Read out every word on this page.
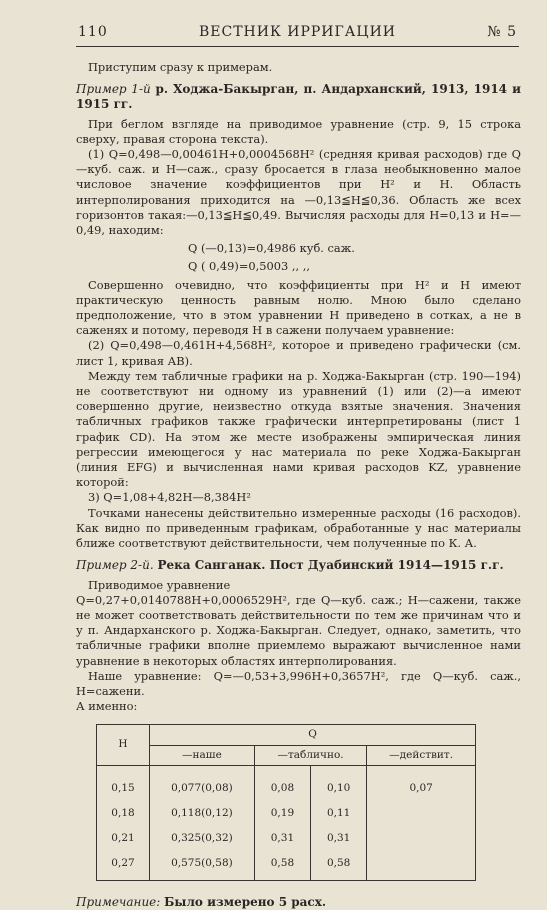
110	ВЕСТНИК ИРРИГАЦИИ	№ 5

Приступим сразу к примерам.

Пример 1-й р. Ходжа-Бакырган, п. Андарханский, 1913, 1914 и 1915 гг.

При беглом взгляде на приводимое уравнение (стр. 9, 15 строка сверху, правая сторона текста).

(1) Q=0,498—0,00461Н+0,0004568Н² (средняя кривая расходов) где Q—куб. саж. и Н—саж., сразу бросается в глаза необыкновенно малое числовое значение коэффициентов при Н² и Н. Область интерполирования приходится на —0,13≦Н≦0,36. Область же всех горизонтов такая:—0,13≦Н≦0,49. Вычисляя расходы для Н=0,13 и Н=—0,49, находим:

Q (—0,13)=0,4986 куб. саж.

Q ( 0,49)=0,5003 ,, ,,

Совершенно очевидно, что коэффициенты при Н² и Н имеют практическую ценность равным нолю. Мною было сделано предположение, что в этом уравнении Н приведено в сотках, а не в саженях и потому, переводя Н в сажени получаем уравнение:

(2) Q=0,498—0,461Н+4,568Н², которое и приведено графически (см. лист 1, кривая АВ).

Между тем табличные графики на р. Ходжа-Бакырган (стр. 190—194) не соответствуют ни одному из уравнений (1) или (2)—а имеют совершенно другие, неизвестно откуда взятые значения. Значения табличных графиков также графически интерпретированы (лист 1 график CD). На этом же месте изображены эмпирическая линия регрессии имеющегося у нас материала по реке Ходжа-Бакырган (линия EFG) и вычисленная нами кривая расходов KZ, уравнение которой:

3) Q=1,08+4,82Н—8,384Н²

Точками нанесены действительно измеренные расходы (16 расходов). Как видно по приведенным графикам, обработанные у нас материалы ближе соответствуют действительности, чем полученные по К. А.

Пример 2-й. Река Санганак. Пост Дуабинский 1914—1915 г.г.

Приводимое уравнение

Q=0,27+0,0140788Н+0,0006529Н², где Q—куб. саж.; Н—сажени, также не может соответствовать действительности по тем же причинам что и у п. Андарханского р. Ходжа-Бакырган. Следует, однако, заметить, что табличные графики вполне приемлемо выражают вычисленное нами уравнение в некоторых областях интерполирования.

Наше уравнение: Q=—0,53+3,996Н+0,3657Н², где Q—куб. саж., Н=сажени.

А именно:

Н	Q			
	—наше	—таблично.		—действит.
0,15	0,077(0,08)	0,08	0,10	0,07
0,18	0,118(0,12)	0,19	0,11	
0,21	0,325(0,32)	0,31	0,31	
0,27	0,575(0,58)	0,58	0,58	

Примечание: Было измерено 5 расх.
